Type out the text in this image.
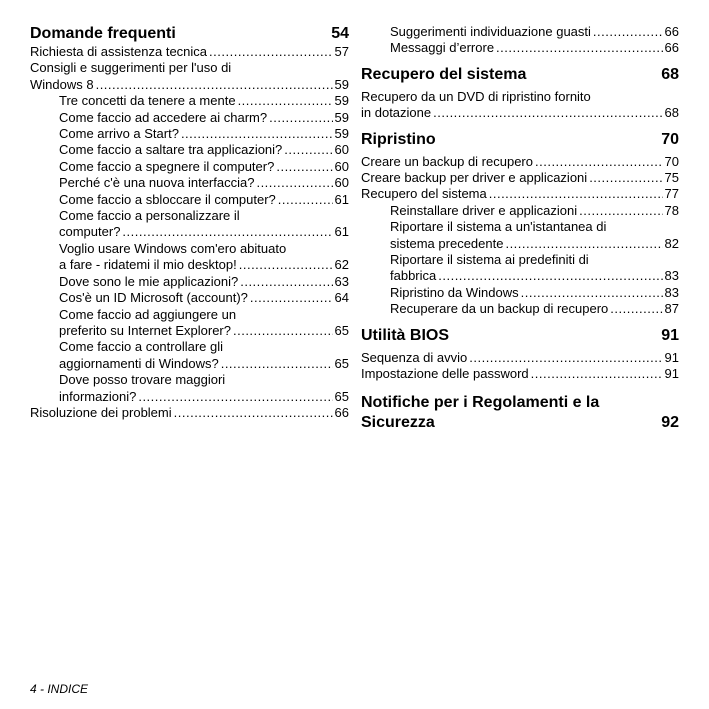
Domande frequenti	54
Richiesta di assistenza tecnica .....	57
Consigli e suggerimenti per l'uso di
Windows 8 .....	59
Tre concetti da tenere a mente .....	59
Come faccio ad accedere ai charm? .....	59
Come arrivo a Start? .....	59
Come faccio a saltare tra applicazioni? .....	60
Come faccio a spegnere il computer? .....	60
Perché c'è una nuova interfaccia? .....	60
Come faccio a sbloccare il computer? .....	61
Come faccio a personalizzare il
computer? .....	61
Voglio usare Windows com'ero abituato
a fare - ridatemi il mio desktop! .....	62
Dove sono le mie applicazioni? .....	63
Cos'è un ID Microsoft (account)? .....	64
Come faccio ad aggiungere un
preferito su Internet Explorer? .....	65
Come faccio a controllare gli
aggiornamenti di Windows? .....	65
Dove posso trovare maggiori
informazioni? .....	65
Risoluzione dei problemi .....	66
Suggerimenti individuazione guasti .....	66
Messaggi d’errore .....	66
Recupero del sistema	68
Recupero da un DVD di ripristino fornito
in dotazione .....	68
Ripristino	70
Creare un backup di recupero .....	70
Creare backup per driver e applicazioni .....	75
Recupero del sistema .....	77
Reinstallare driver e applicazioni .....	78
Riportare il sistema a un'istantanea di
sistema precedente .....	82
Riportare il sistema ai predefiniti di
fabbrica .....	83
Ripristino da Windows .....	83
Recuperare da un backup di recupero .....	87
Utilità BIOS	91
Sequenza di avvio .....	91
Impostazione delle password .....	91
Notifiche per i Regolamenti e la
Sicurezza	92
4 - INDICE
